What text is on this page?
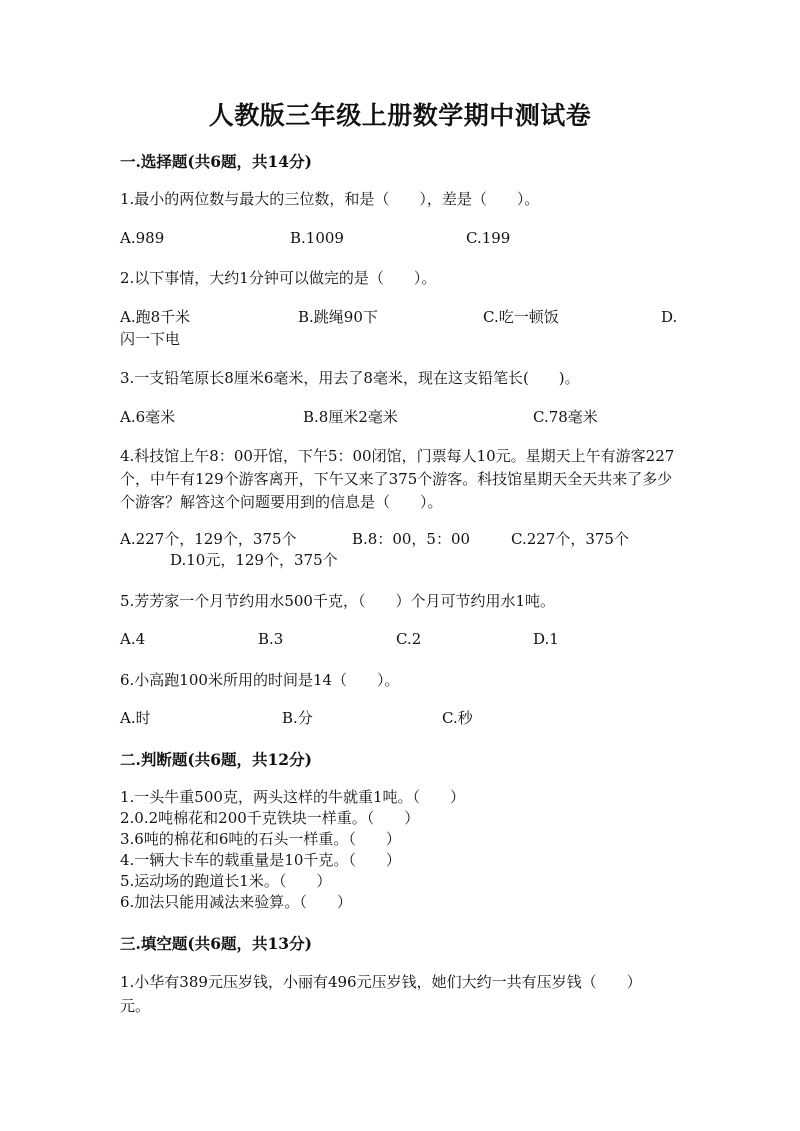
人教版三年级上册数学期中测试卷
一.选择题(共6题，共14分)
1.最小的两位数与最大的三位数，和是（　　），差是（　　）。
A.989	B.1009	C.199
2.以下事情，大约1分钟可以做完的是（　　）。
A.跑8千米	B.跳绳90下	C.吃一顿饭	D.
闪一下电
3.一支铅笔原长8厘米6毫米，用去了8毫米，现在这支铅笔长(　　)。
A.6毫米	B.8厘米2毫米	C.78毫米
4.科技馆上午8：00开馆，下午5：00闭馆，门票每人10元。星期天上午有游客227个，中午有129个游客离开，下午又来了375个游客。科技馆星期天全天共来了多少个游客？解答这个问题要用到的信息是（　　）。
A.227个，129个，375个	B.8：00，5：00	C.227个，375个
D.10元，129个，375个
5.芳芳家一个月节约用水500千克，（　　）个月可节约用水1吨。
A.4	B.3	C.2	D.1
6.小高跑100米所用的时间是14（　　）。
A.时	B.分	C.秒
二.判断题(共6题，共12分)
1.一头牛重500克，两头这样的牛就重1吨。（　　）
2.0.2吨棉花和200千克铁块一样重。（　　）
3.6吨的棉花和6吨的石头一样重。（　　）
4.一辆大卡车的载重量是10千克。（　　）
5.运动场的跑道长1米。（　　）
6.加法只能用减法来验算。（　　）
三.填空题(共6题，共13分)
1.小华有389元压岁钱，小丽有496元压岁钱，她们大约一共有压岁钱（　　）元。
